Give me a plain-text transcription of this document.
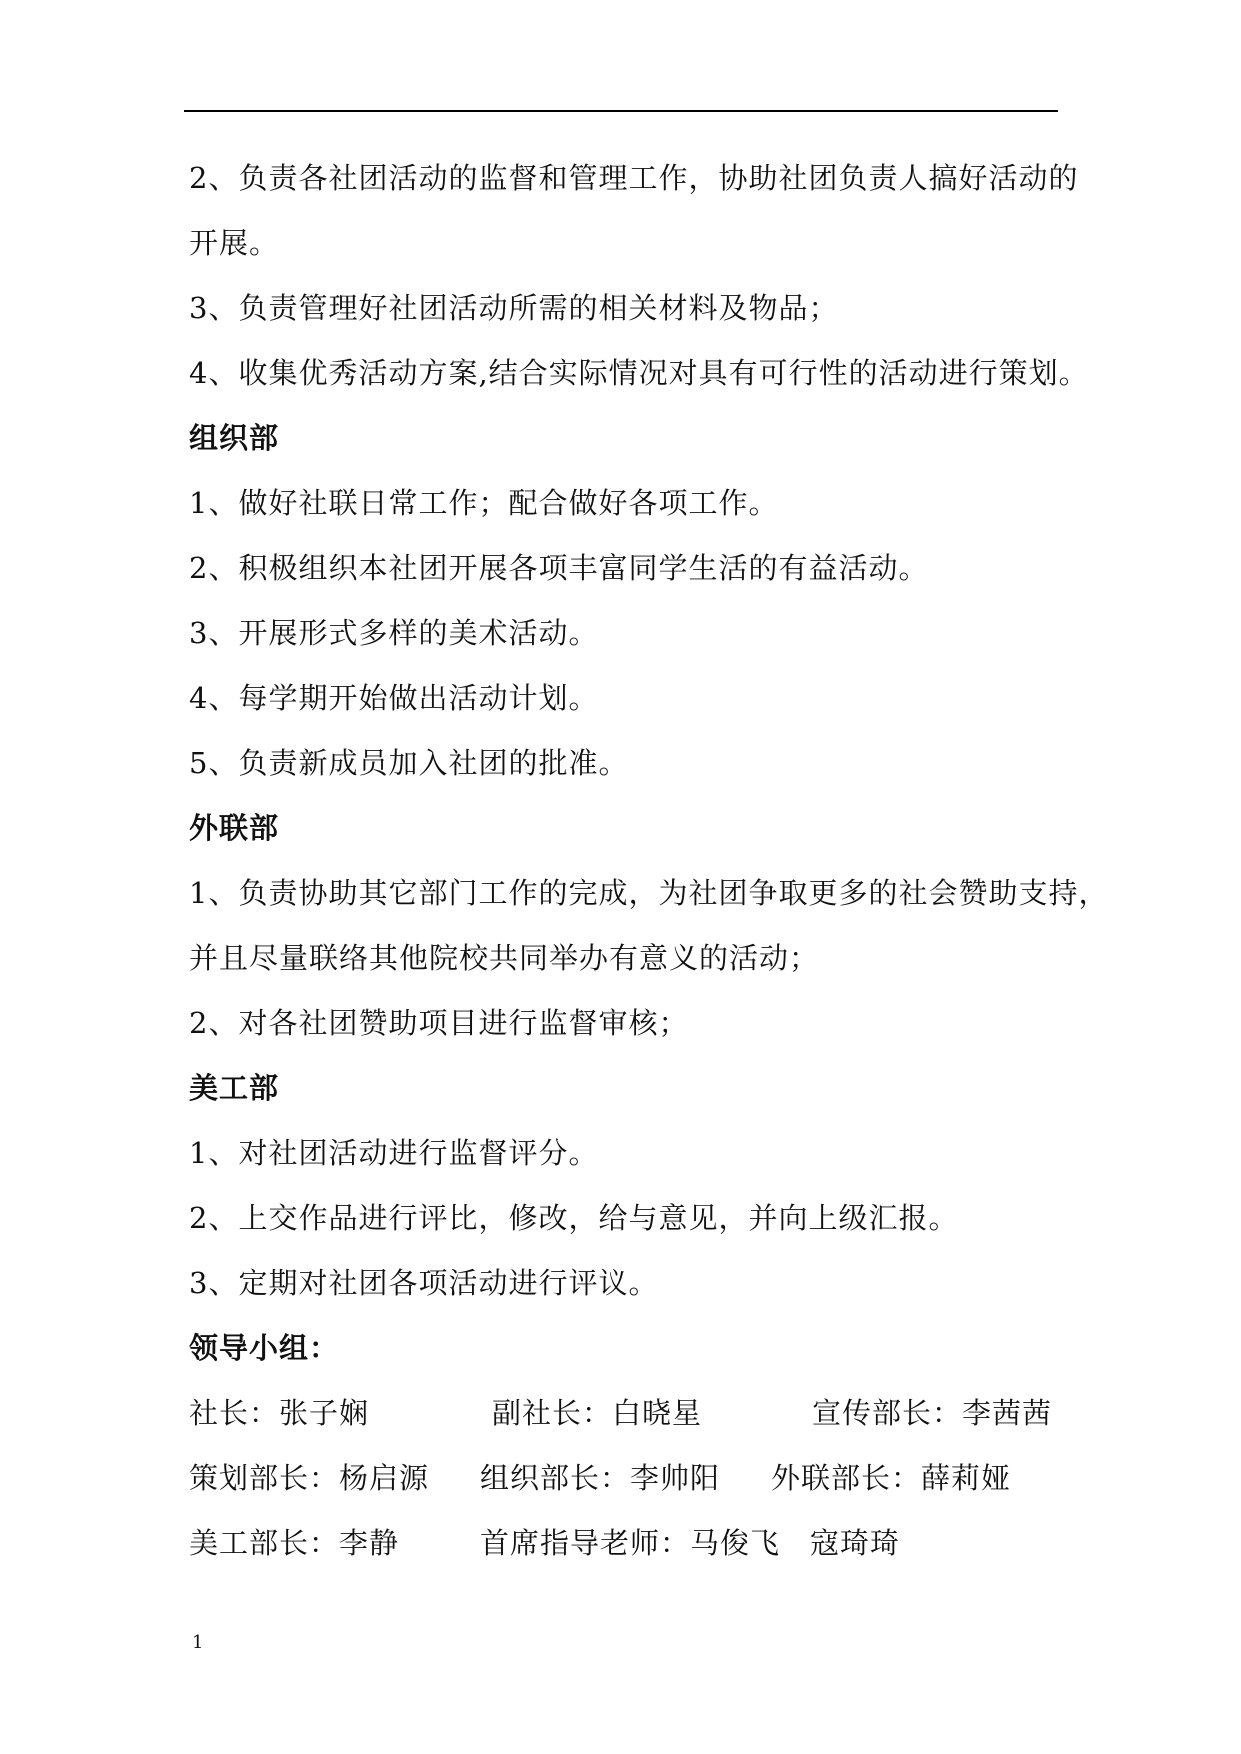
2、负责各社团活动的监督和管理工作，协助社团负责人搞好活动的
开展。
3、负责管理好社团活动所需的相关材料及物品；
4、收集优秀活动方案,结合实际情况对具有可行性的活动进行策划。
组织部
1、做好社联日常工作；配合做好各项工作。
2、积极组织本社团开展各项丰富同学生活的有益活动。
3、开展形式多样的美术活动。
4、每学期开始做出活动计划。
5、负责新成员加入社团的批准。
外联部
1、负责协助其它部门工作的完成，为社团争取更多的社会赞助支持，
并且尽量联络其他院校共同举办有意义的活动；
2、对各社团赞助项目进行监督审核；
美工部
1、对社团活动进行监督评分。
2、上交作品进行评比，修改，给与意见，并向上级汇报。
3、定期对社团各项活动进行评议。
领导小组：
社长：张子娴	副社长：白晓星	宣传部长：李茜茜
策划部长：杨启源 组织部长：李帅阳 外联部长：薛莉娅
美工部长：李静	首席指导老师：马俊飞　寇琦琦
1
